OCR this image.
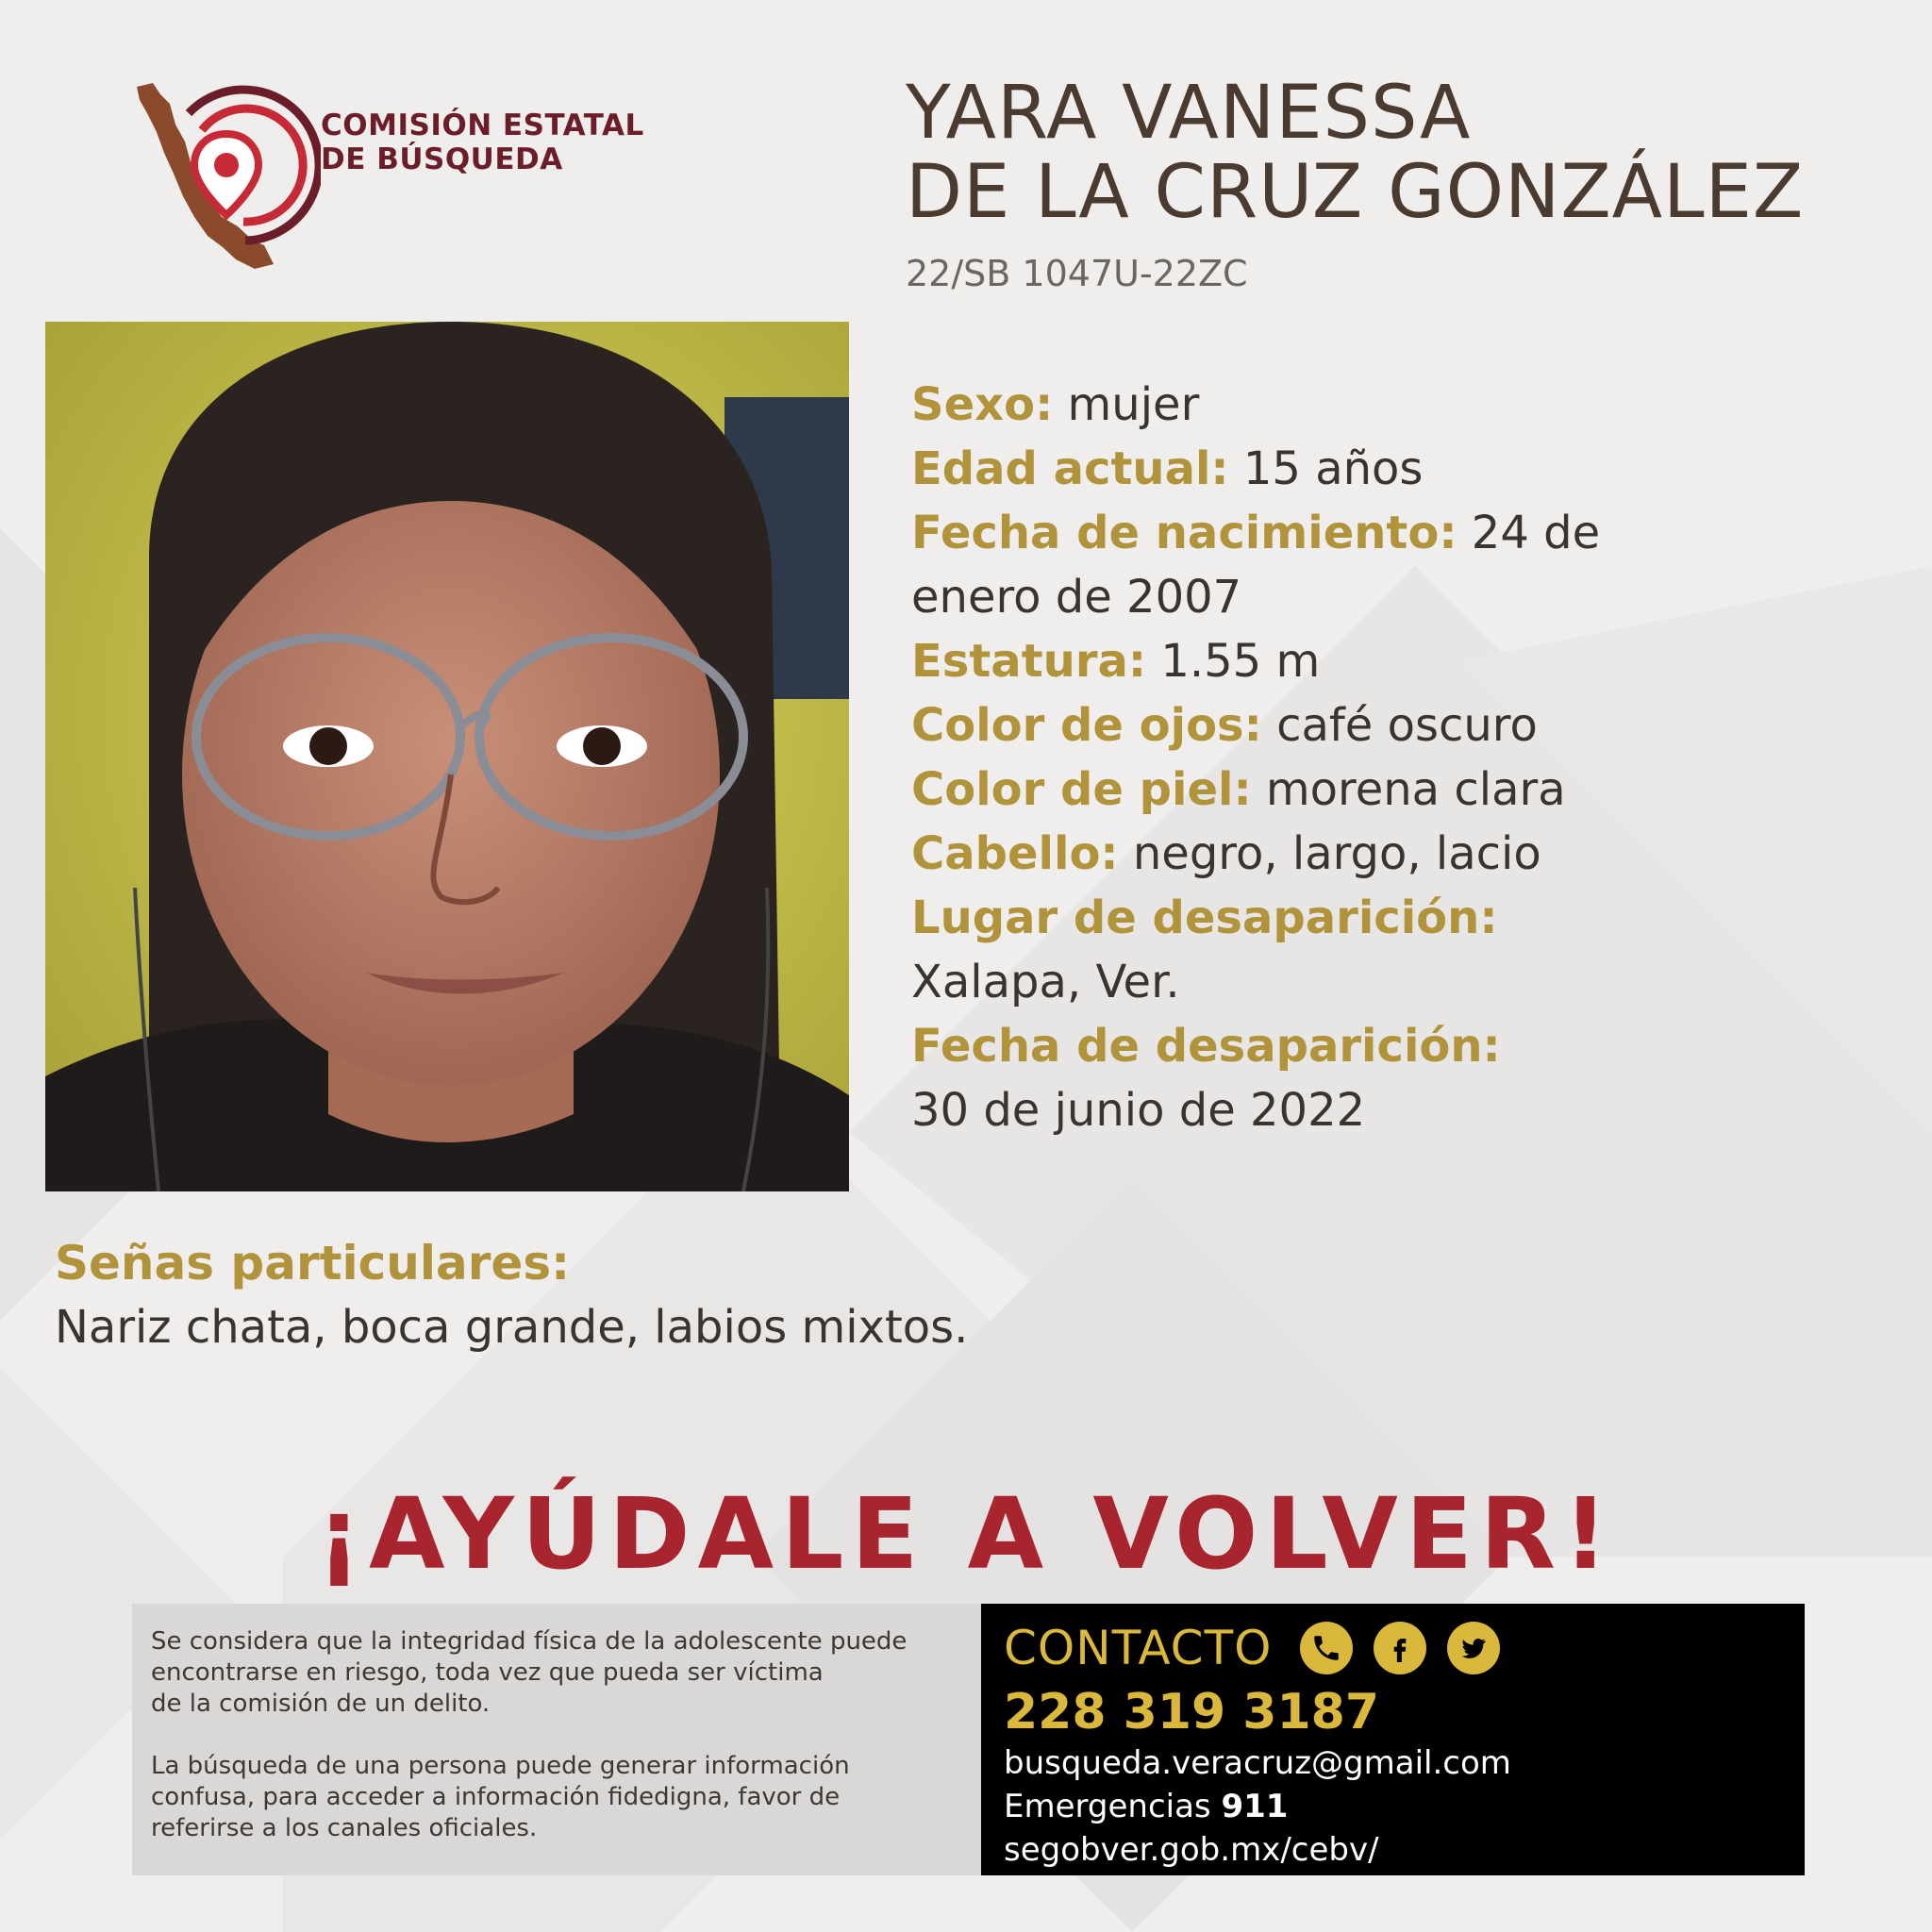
COMISIÓN ESTATAL
DE BÚSQUEDA
YARA VANESSA
DE LA CRUZ GONZÁLEZ
22/SB 1047U-22ZC

Sexo: mujer

Edad actual: 15 años

Fecha de nacimiento: 24 de

enero de 2007

Estatura: 1.55 m

Color de ojos: café oscuro

Color de piel: morena clara

Cabello: negro, largo, lacio

Lugar de desaparición:

Xalapa, Ver.

Fecha de desaparición:

30 de junio de 2022

Señas particulares:
Nariz chata, boca grande, labios mixtos.
¡AYÚDALE A VOLVER!

Se considera que la integridad física de la adolescente puede
encontrarse en riesgo, toda vez que pueda ser víctima
de la comisión de un delito.

La búsqueda de una persona puede generar información
confusa, para acceder a información fidedigna, favor de
referirse a los canales oficiales.

CONTACTO
228 319 3187
busqueda.veracruz@gmail.com
Emergencias 911
segobver.gob.mx/cebv/
